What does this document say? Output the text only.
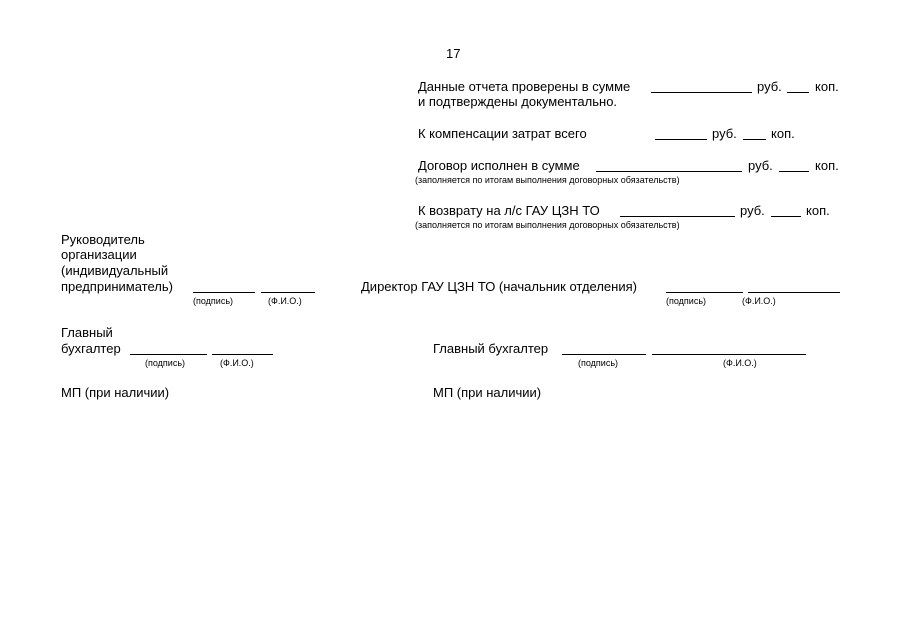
17
Данные отчета проверены в сумме	руб.	коп.
и подтверждены документально.
К компенсации затрат всего	руб.	коп.
Договор исполнен в сумме	руб.	коп.
(заполняется по итогам выполнения договорных обязательств)
К возврату на л/с ГАУ ЦЗН ТО	руб.	коп.
(заполняется по итогам выполнения договорных обязательств)
Руководитель
организации
(индивидуальный
предприниматель)
(подпись)	(Ф.И.О.)
Директор ГАУ ЦЗН ТО (начальник отделения)
(подпись)	(Ф.И.О.)
Главный
бухгалтер
(подпись)	(Ф.И.О.)
Главный бухгалтер
(подпись)	(Ф.И.О.)
МП (при наличии)	МП (при наличии)
